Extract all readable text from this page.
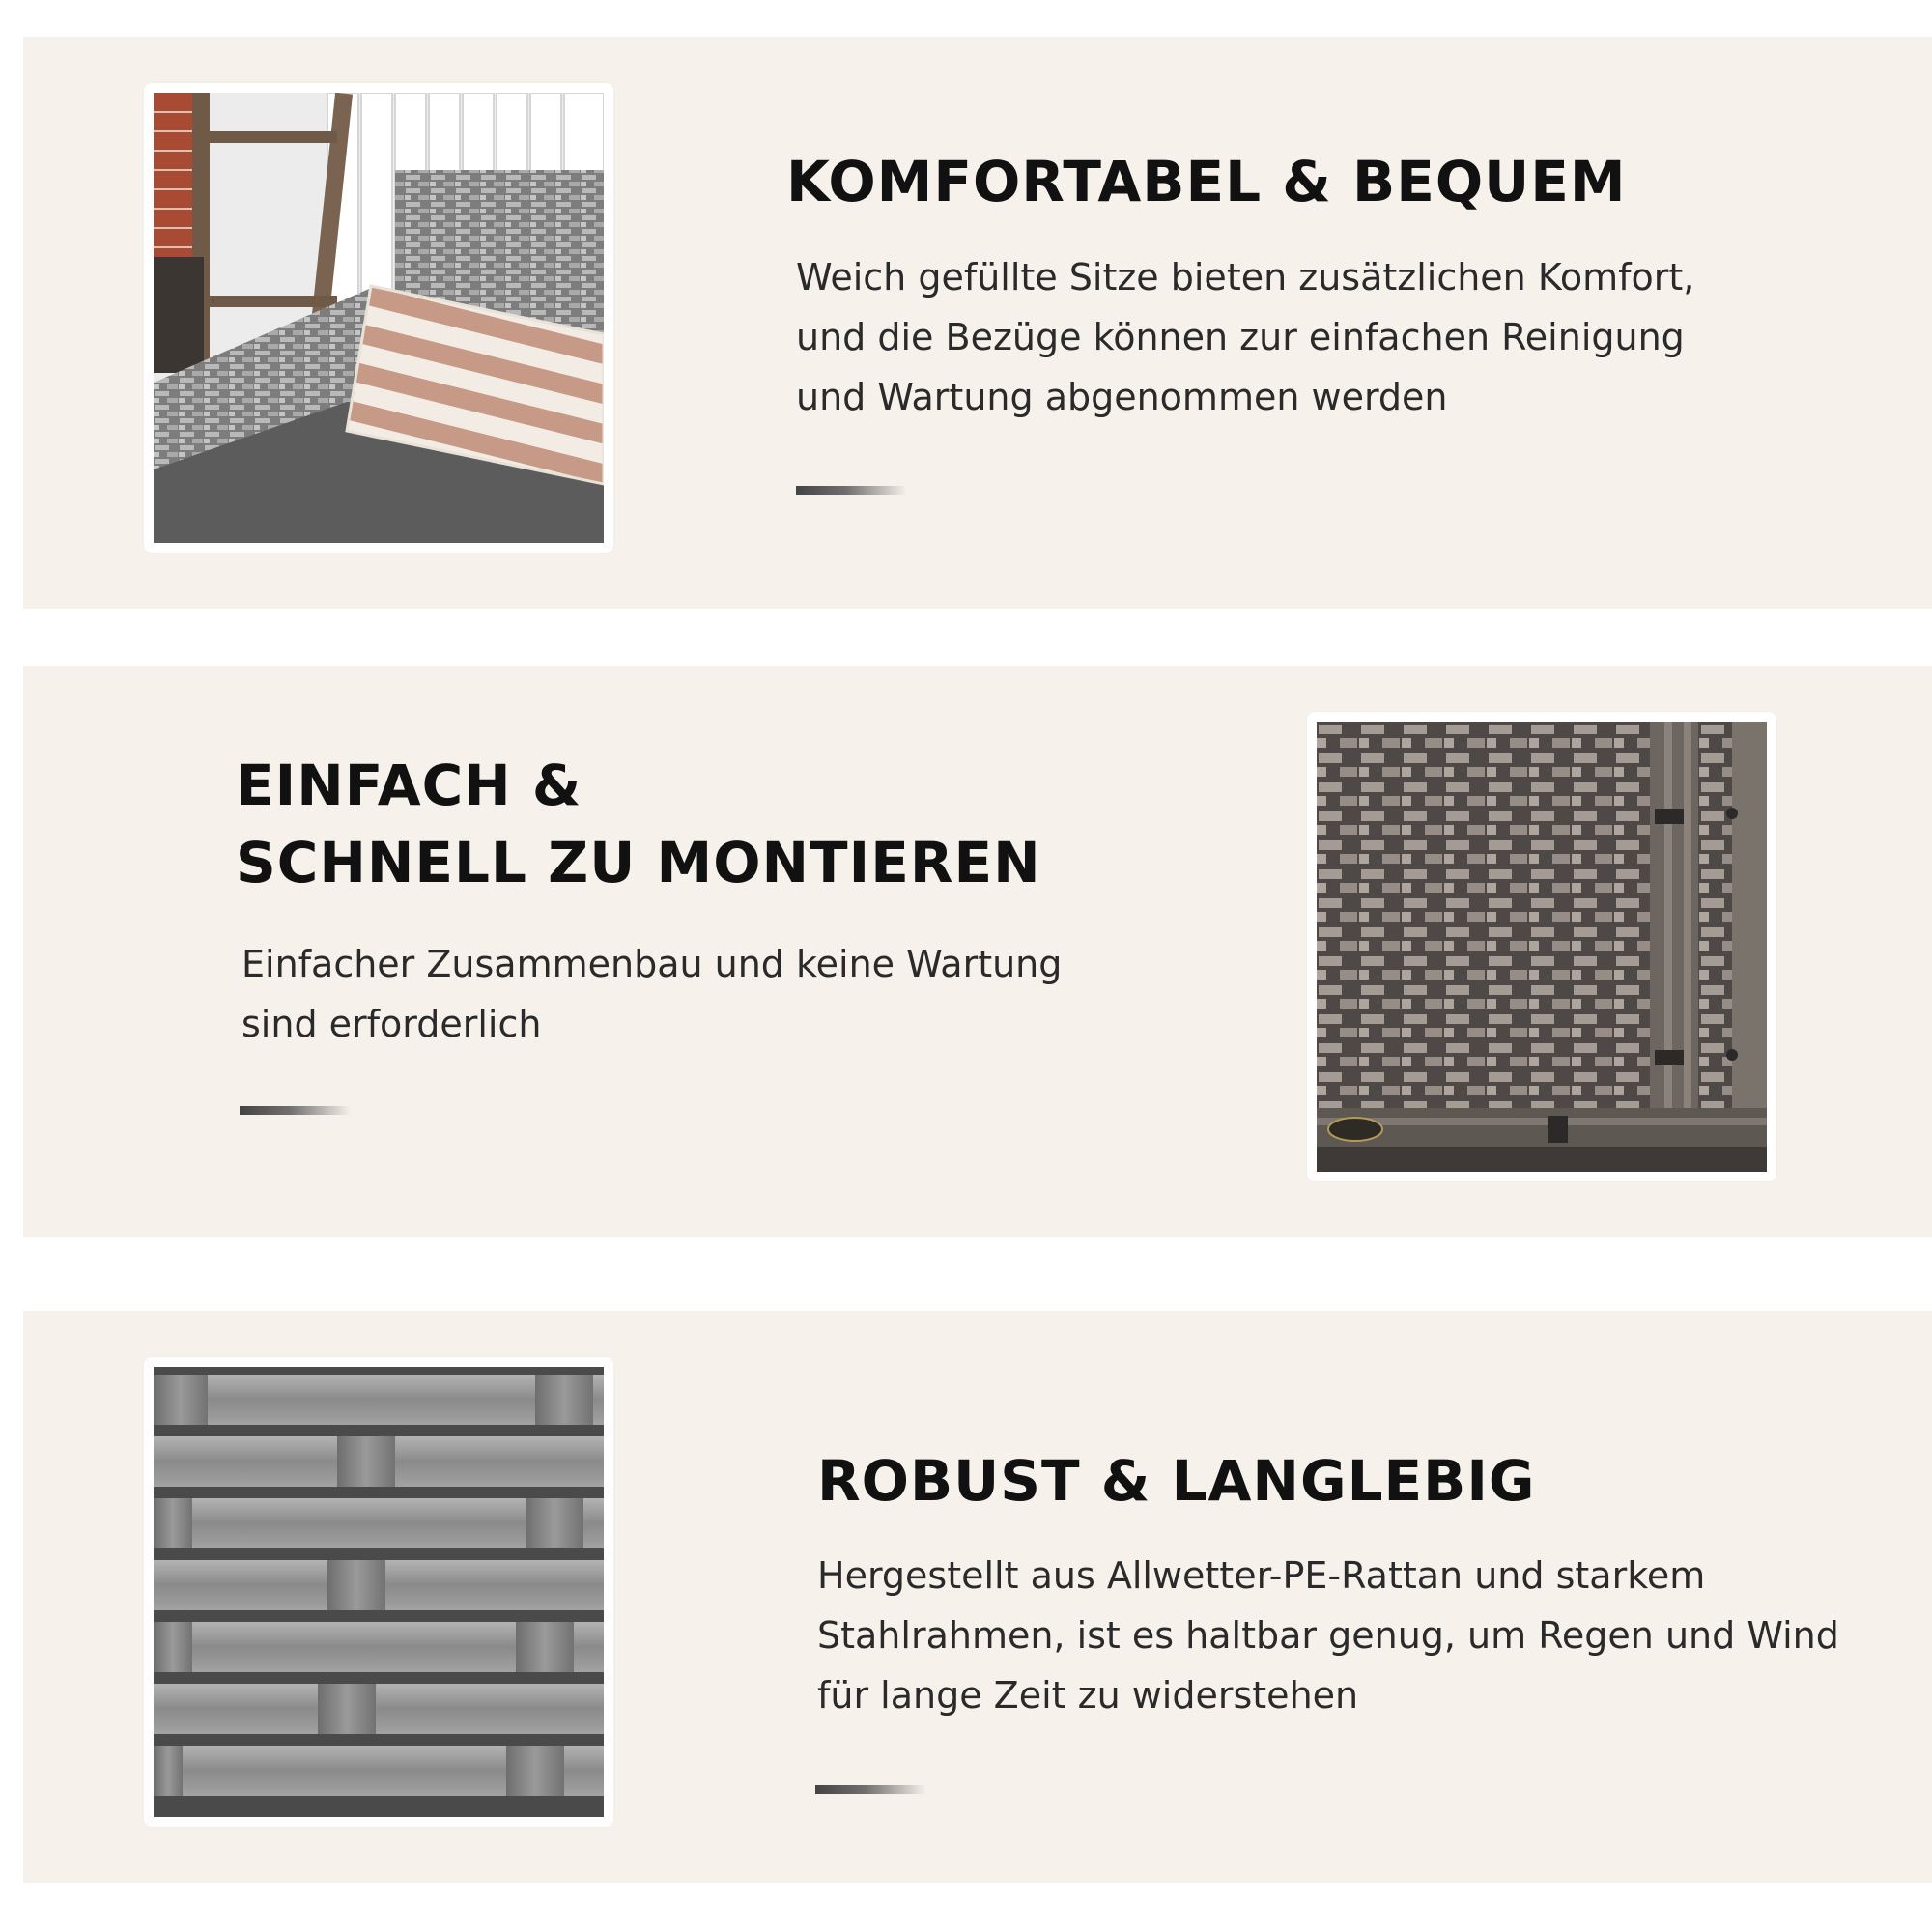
KOMFORTABEL & BEQUEM

Weich gefüllte Sitze bieten zusätzlichen Komfort,

und die Bezüge können zur einfachen Reinigung

und Wartung abgenommen werden

EINFACH &
SCHNELL ZU MONTIEREN

Einfacher Zusammenbau und keine Wartung

sind erforderlich

ROBUST & LANGLEBIG

Hergestellt aus Allwetter-PE-Rattan und starkem

Stahlrahmen, ist es haltbar genug, um Regen und Wind

für lange Zeit zu widerstehen
